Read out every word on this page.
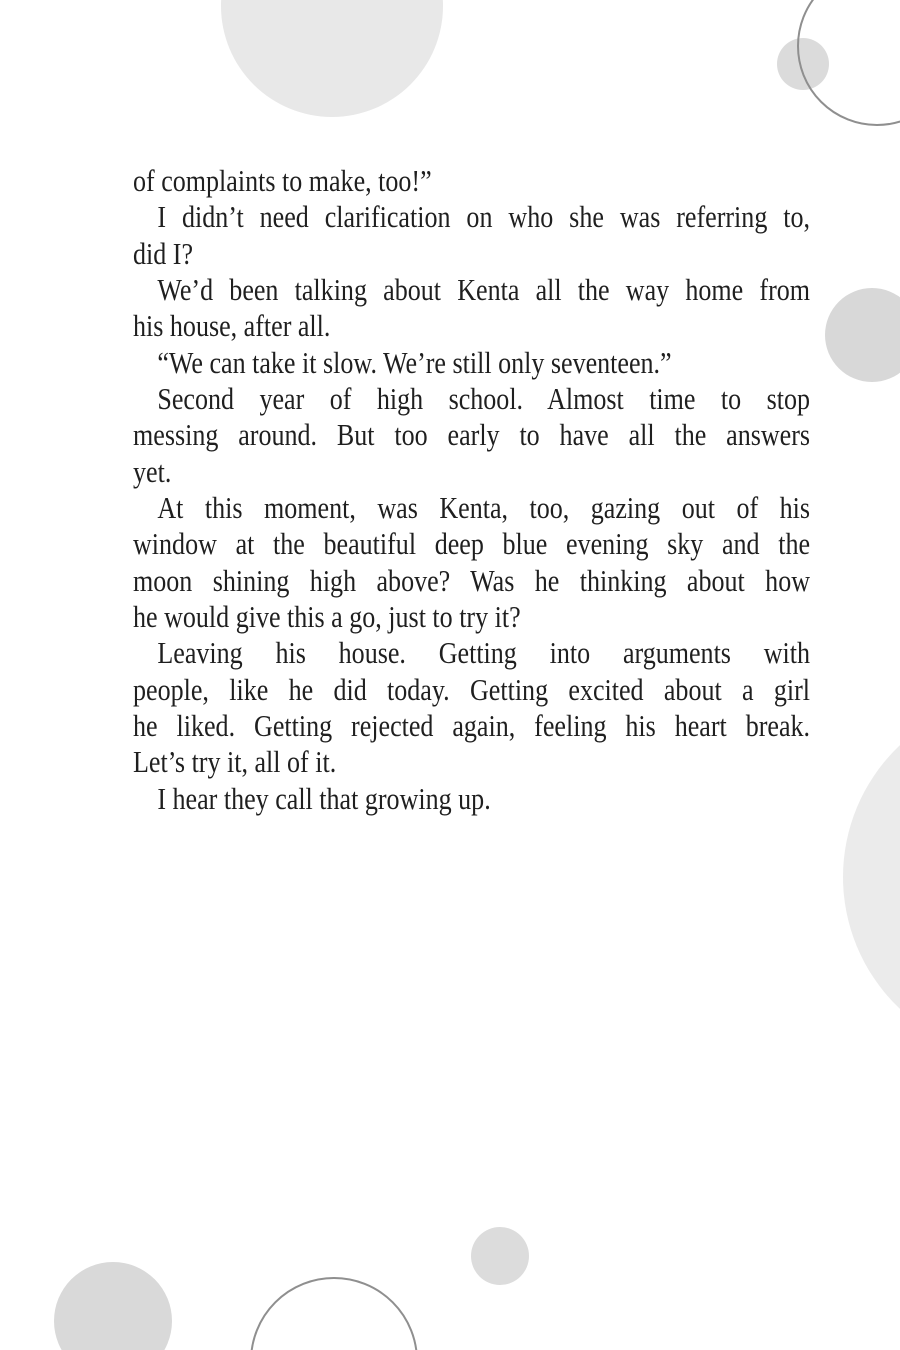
of complaints to make, too!”
I didn’t need clarification on who she was referring to,
did I?
We’d been talking about Kenta all the way home from
his house, after all.
“We can take it slow. We’re still only seventeen.”
Second year of high school. Almost time to stop
messing around. But too early to have all the answers
yet.
At this moment, was Kenta, too, gazing out of his
window at the beautiful deep blue evening sky and the
moon shining high above? Was he thinking about how
he would give this a go, just to try it?
Leaving his house. Getting into arguments with
people, like he did today. Getting excited about a girl
he liked. Getting rejected again, feeling his heart break.
Let’s try it, all of it.
I hear they call that growing up.
